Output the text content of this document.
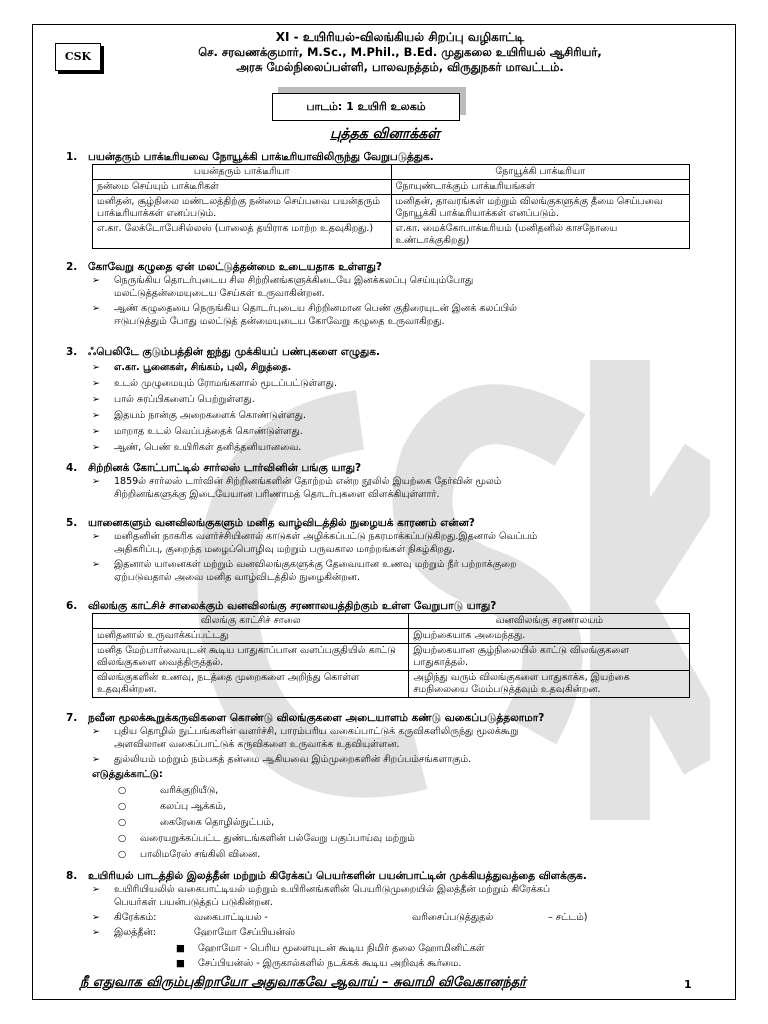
CSK
XI - உயிரியல்-விலங்கியல் சிறப்பு வழிகாட்டி
செ. சரவணக்குமார், M.Sc., M.Phil., B.Ed. முதுகலை உயிரியல் ஆசிரியர்,
அரசு மேல்நிலைப்பள்ளி, பாலவநத்தம், விருதுநகர் மாவட்டம்.
பாடம்: 1 உயிரி உலகம்
புத்தக வினாக்கள்
1. பயன்தரும் பாக்டீரியவை நோயூக்கி பாக்டீரியாவிலிருந்து வேறுபடுத்துக.
பயன்தரும் பாக்டீரியா	நோயூக்கி பாக்டீரியா
நன்மை செய்யும் பாக்டீரிகள்	நோயுண்டாக்கும் பாக்டீரியங்கள்
மனிதன், சூழ்நிலை மண்டலத்திற்கு நன்மை செய்பவை பயன்தரும் பாக்டீரியாக்கள் எனப்படும்.	மனிதன், தாவரங்கள் மற்றும் விலங்குகளுக்கு தீமை செய்பவை நோயூக்கி பாக்டீரியாக்கள் எனப்படும்.
எ.கா. லேக்டோபேசில்லஸ் (பாலைத் தயிராக மாற்ற உதவுகிறது.)	எ.கா. மைக்கோபாக்டீரியம் (மனிதனில் காசநோயை உண்டாக்குகிறது)
2. கோவேறு கழுதை ஏன் மலட்டுத்தன்மை உடையதாக உள்ளது?
➢	நெருங்கிய தொடர்புடைய சில சிற்றினங்களுக்கிடையே இனக்கலப்பு செய்யும்போது
மலட்டுத்தன்மையுடைய சேய்கள் உருவாகின்றன.
➢	ஆண் கழுதையை நெருங்கிய தொடர்புடைய சிற்றினமான பெண் குதிரையுடன் இனக் கலப்பில்
ஈடுபடுத்தும் போது மலட்டுத் தன்மையுடைய கோவேறு கழுதை உருவாகிறது.
3. ஃபெலிடே குடும்பத்தின் ஐந்து முக்கியப் பண்புகளை எழுதுக.
➢	எ.கா. பூனைகள், சிங்கம், புலி, சிறுத்தை.
➢	உடல் முழுமையும் ரோமங்களால் மூடப்பட்டுள்ளது.
➢	பால் சுரப்பிகளைப் பெற்றுள்ளது.
➢	இதயம் நான்கு அறைகளைக் கொண்டுள்ளது.
➢	மாறாத உடல் வெப்பத்தைக் கொண்டுள்ளது.
➢	ஆண், பெண் உயிரிகள் தனித்தனியானவை.
4. சிற்றினக் கோட்பாட்டில் சார்லஸ் டார்வினின் பங்கு யாது?
➢	1859ல் சார்லஸ் டார்வின் சிற்றினங்களின் தோற்றம் என்ற நூலில் இயற்கை தேர்வின் மூலம்
சிற்றினங்களுக்கு இடையேயான பரிணாமத் தொடர்புகளை விளக்கியுள்ளார்.
5. யானைகளும் வனவிலங்குகளும் மனித வாழ்விடத்தில் நுழையக் காரணம் என்ன?
➢	மனிதனின் நாகரிக வளர்ச்சியினால் காடுகள் அழிக்கப்பட்டு நகரமாக்கப்படுகிறது.இதனால் வெப்பம்
அதிகரிப்பு, குறைந்த மழைப்பொழிவு மற்றும் பருவகால மாற்றங்கள் நிகழ்கிறது.
➢	இதனால் யானைகள் மற்றும் வனவிலங்குகளுக்கு தேவையான உணவு மற்றும் நீர் பற்றாக்குறை
ஏற்படுவதால் அவை மனித வாழ்விடத்தில் நுழைகின்றன.
6. விலங்கு காட்சிச் சாலைக்கும் வனவிலங்கு சரணாலயத்திற்கும் உள்ள வேறுபாடு யாது?
விலங்கு காட்சிச் சாலை	வனவிலங்கு சரணாலயம்
மனிதனால் உருவாக்கப்பட்டது	இயற்கையாக அமைந்தது.
மனித மேற்பார்வையுடன் கூடிய பாதுகாப்பான வளப்பகுதியில் காட்டு விலங்குகளை வைத்திருத்தல்.	இயற்கையான சூழ்நிலையில் காட்டு விலங்குகளை பாதுகாத்தல்.
விலங்குகளின் உணவு, நடத்தை முறைகளை அறிந்து கொள்ள உதவுகின்றன.	அழிந்து வரும் விலங்குகளை பாதுகாக்க, இயற்கை சமநிலையை மேம்படுத்தவும் உதவுகின்றன.
7. நவீன மூலக்கூறுக்கருவிகளை கொண்டு விலங்குகளை அடையாளம் கண்டு வகைப்படுத்தலாமா?
➢	புதிய தொழில் நுட்பங்களின் வளர்ச்சி, பாரம்பரிய வகைப்பாட்டுக் கருவிகளிலிருந்து மூலக்கூறு
அளவிலான வகைப்பாட்டுக் கருவிகளை உருவாக்க உதவியுள்ளன.
➢	துல்லியம் மற்றும் நம்பகத் தன்மை ஆகியவை இம்முறைகளின் சிறப்பம்சங்களாகும்.
எடுத்துக்காட்டு:
○	வரிக்குறியீடு,
○	கலப்பு ஆக்கம்,
○	கைரேகை தொழில்நுட்பம்,
○ வரையறுக்கப்பட்ட துண்டங்களின் பல்வேறு பகுப்பாய்வு மற்றும்
○ பாலிமரேஸ் சங்கிலி வினை.
8. உயிரியல் பாடத்தில் இலத்தீன் மற்றும் கிரேக்கப் பெயர்களின் பயன்பாட்டின் முக்கியத்துவத்தை விளக்குக.
➢	உயிரியியலில் வகைபாட்டியல் மற்றும் உயிரினங்களின் பெயரிடுமுறையில் இலத்தீன் மற்றும் கிரேக்கப்
பெயர்கள் பயன்படுத்தப் படுகின்றன.
➢	கிரேக்கம்:	வகைபாட்டியல் -	வரிசைப்படுத்துதல்	– சட்டம்)
➢	இலத்தீன்:	ஹோமோ சேப்பியன்ஸ்
■ ஹோமோ - பெரிய மூளையுடன் கூடிய நிமிர் தலை ஹோமினிட்கள்
■ சேப்பியன்ஸ் - இருகால்களில் நடக்கக் கூடிய அறிவுக் கூர்மை.
நீ எதுவாக விரும்புகிறாயோ அதுவாகவே ஆவாய் – சுவாமி விவேகானந்தர்	1
